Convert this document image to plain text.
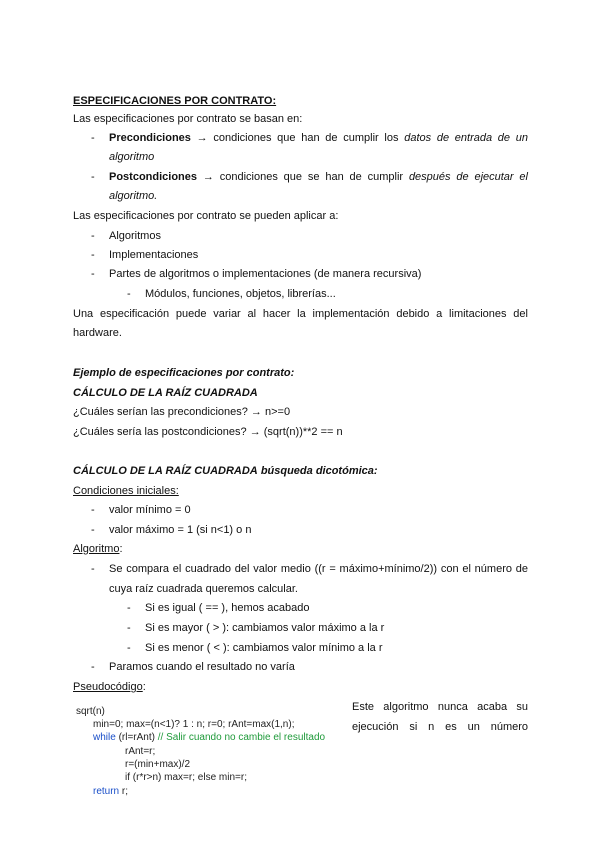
ESPECIFICACIONES POR CONTRATO:
Las especificaciones por contrato se basan en:
- Precondiciones → condiciones que han de cumplir los datos de entrada de un
algoritmo
- Postcondiciones → condiciones que se han de cumplir después de ejecutar el
algoritmo.
Las especificaciones por contrato se pueden aplicar a:
- Algoritmos
- Implementaciones
- Partes de algoritmos o implementaciones (de manera recursiva)
- Módulos, funciones, objetos, librerías...
Una especificación puede variar al hacer la implementación debido a limitaciones del
hardware.
Ejemplo de especificaciones por contrato:
CÁLCULO DE LA RAÍZ CUADRADA
¿Cuáles serían las precondiciones? → n>=0
¿Cuáles sería las postcondiciones? → (sqrt(n))**2 == n
CÁLCULO DE LA RAÍZ CUADRADA búsqueda dicotómica:
Condiciones iniciales:
- valor mínimo = 0
- valor máximo = 1 (si n<1) o n
Algoritmo:
- Se compara el cuadrado del valor medio ((r = máximo+mínimo/2)) con el número de
cuya raíz cuadrada queremos calcular.
- Si es igual ( == ), hemos acabado
- Si es mayor ( > ): cambiamos valor máximo a la r
- Si es menor ( < ): cambiamos valor mínimo a la r
- Paramos cuando el resultado no varía
Pseudocódigo:
sqrt(n)
min=0; max=(n<1)? 1 : n; r=0; rAnt=max(1,n);
while (rl=rAnt) // Salir cuando no cambie el resultado
rAnt=r;
r=(min+max)/2
if (r*r>n) max=r; else min=r;
return r;
Este algoritmo nunca acaba su
ejecución si n es un número
